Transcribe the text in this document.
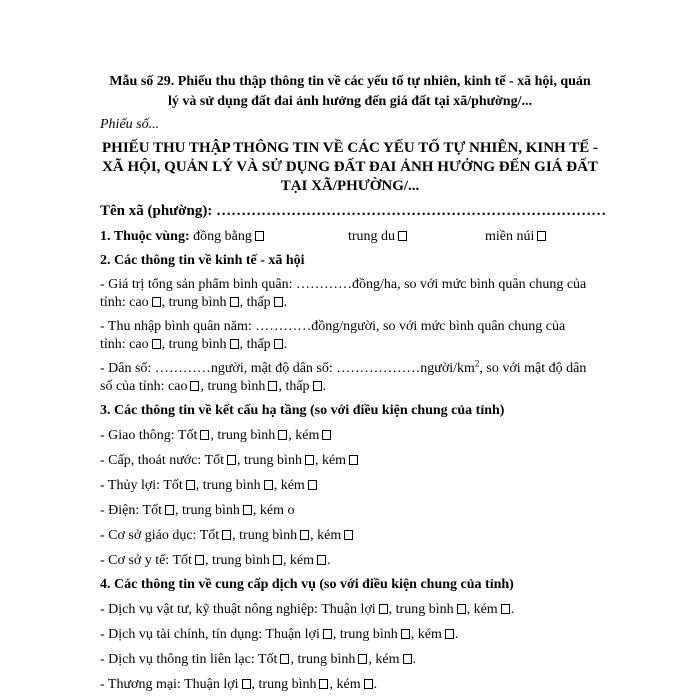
Mẫu số 29. Phiếu thu thập thông tin về các yếu tố tự nhiên, kinh tế - xã hội, quản
lý và sử dụng đất đai ảnh hưởng đến giá đất tại xã/phường/...
Phiếu số...
PHIẾU THU THẬP THÔNG TIN VỀ CÁC YẾU TỐ TỰ NHIÊN, KINH TẾ -
XÃ HỘI, QUẢN LÝ VÀ SỬ DỤNG ĐẤT ĐAI ẢNH HƯỞNG ĐẾN GIÁ ĐẤT
TẠI XÃ/PHƯỜNG/...
Tên xã (phường): ……………………………………………………………………
1. Thuộc vùng: đồng bằng	trung du	miền núi
2. Các thông tin về kinh tế - xã hội
- Giá trị tổng sản phẩm bình quân: …………đồng/ha, so với mức bình quân chung của
tỉnh: cao , trung bình , thấp .
- Thu nhập bình quân năm: …………đồng/người, so với mức bình quân chung của
tỉnh: cao , trung bình , thấp .
- Dân số: …………người, mật độ dân số: $\dots\dots\dots\dots\dots\dots người/km^2$, so với mật độ dân
số của tỉnh: cao , trung bình , thấp .
3. Các thông tin về kết cấu hạ tầng (so với điều kiện chung của tỉnh)
- Giao thông: Tốt , trung bình , kém
- Cấp, thoát nước: Tốt , trung bình , kém
- Thủy lợi: Tốt , trung bình , kém
- Điện: Tốt , trung bình , kém o
- Cơ sở giáo dục: Tốt , trung bình , kém
- Cơ sở y tế: Tốt , trung bình , kém .
4. Các thông tin về cung cấp dịch vụ (so với điều kiện chung của tỉnh)
- Dịch vụ vật tư, kỹ thuật nông nghiệp: Thuận lợi , trung bình , kém .
- Dịch vụ tài chính, tín dụng: Thuận lợi , trung bình , kém .
- Dịch vụ thông tin liên lạc: Tốt , trung bình , kém .
- Thương mại: Thuận lợi , trung bình , kém .
